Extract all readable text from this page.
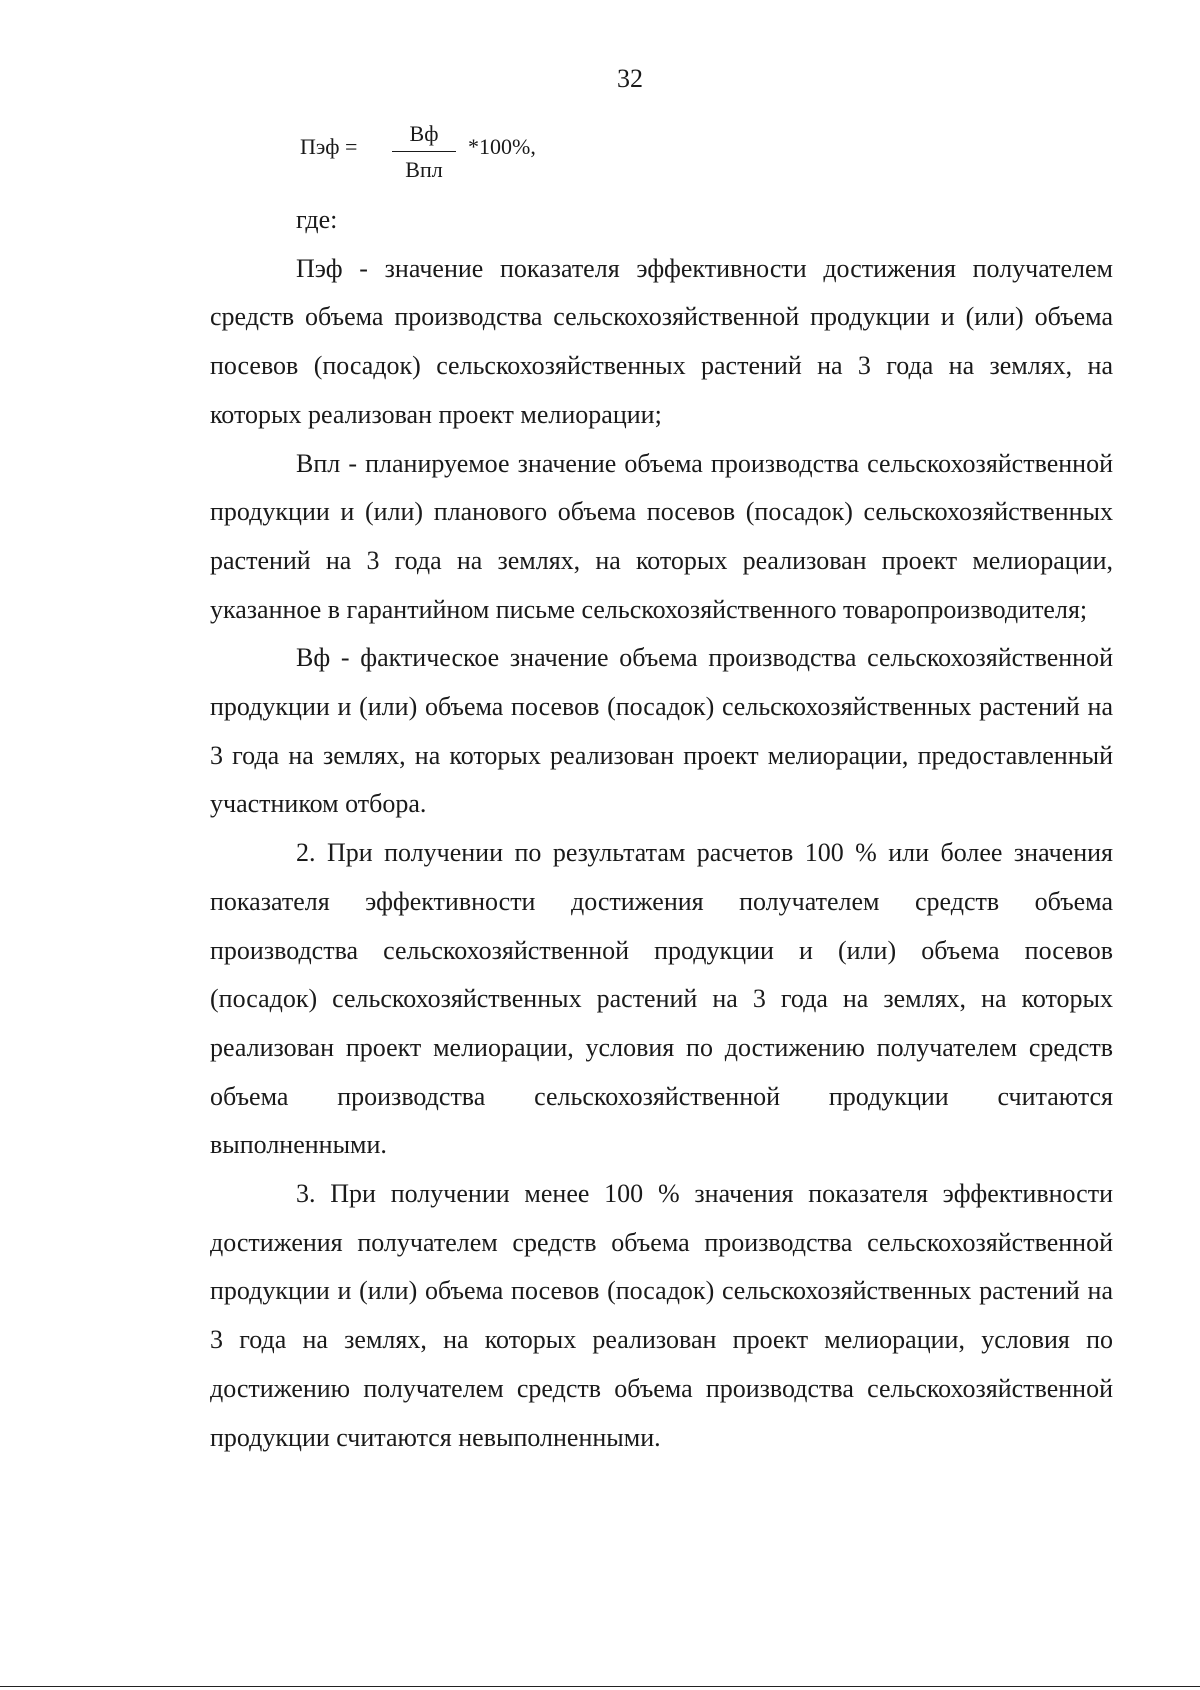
32
Пэф =
Вф
Впл
*100%,

где:

Пэф - значение показателя эффективности достижения получателем средств объема производства сельскохозяйственной продукции и (или) объема посевов (посадок) сельскохозяйственных растений на 3 года на землях, на которых реализован проект мелиорации;

Впл - планируемое значение объема производства сельскохозяйственной продукции и (или) планового объема посевов (посадок) сельскохозяйственных растений на 3 года на землях, на которых реализован проект мелиорации, указанное в гарантийном письме сельскохозяйственного товаропроизводителя;

Вф - фактическое значение объема производства сельскохозяйственной продукции и (или) объема посевов (посадок) сельскохозяйственных растений на 3 года на землях, на которых реализован проект мелиорации, предоставленный участником отбора.

2. При получении по результатам расчетов 100 % или более значения показателя эффективности достижения получателем средств объема производства сельскохозяйственной продукции и (или) объема посевов (посадок) сельскохозяйственных растений на 3 года на землях, на которых реализован проект мелиорации, условия по достижению получателем средств объема производства сельскохозяйственной продукции считаются выполненными.

3. При получении менее 100 % значения показателя эффективности достижения получателем средств объема производства сельскохозяйственной продукции и (или) объема посевов (посадок) сельскохозяйственных растений на 3 года на землях, на которых реализован проект мелиорации, условия по достижению получателем средств объема производства сельскохозяйственной продукции считаются невыполненными.
